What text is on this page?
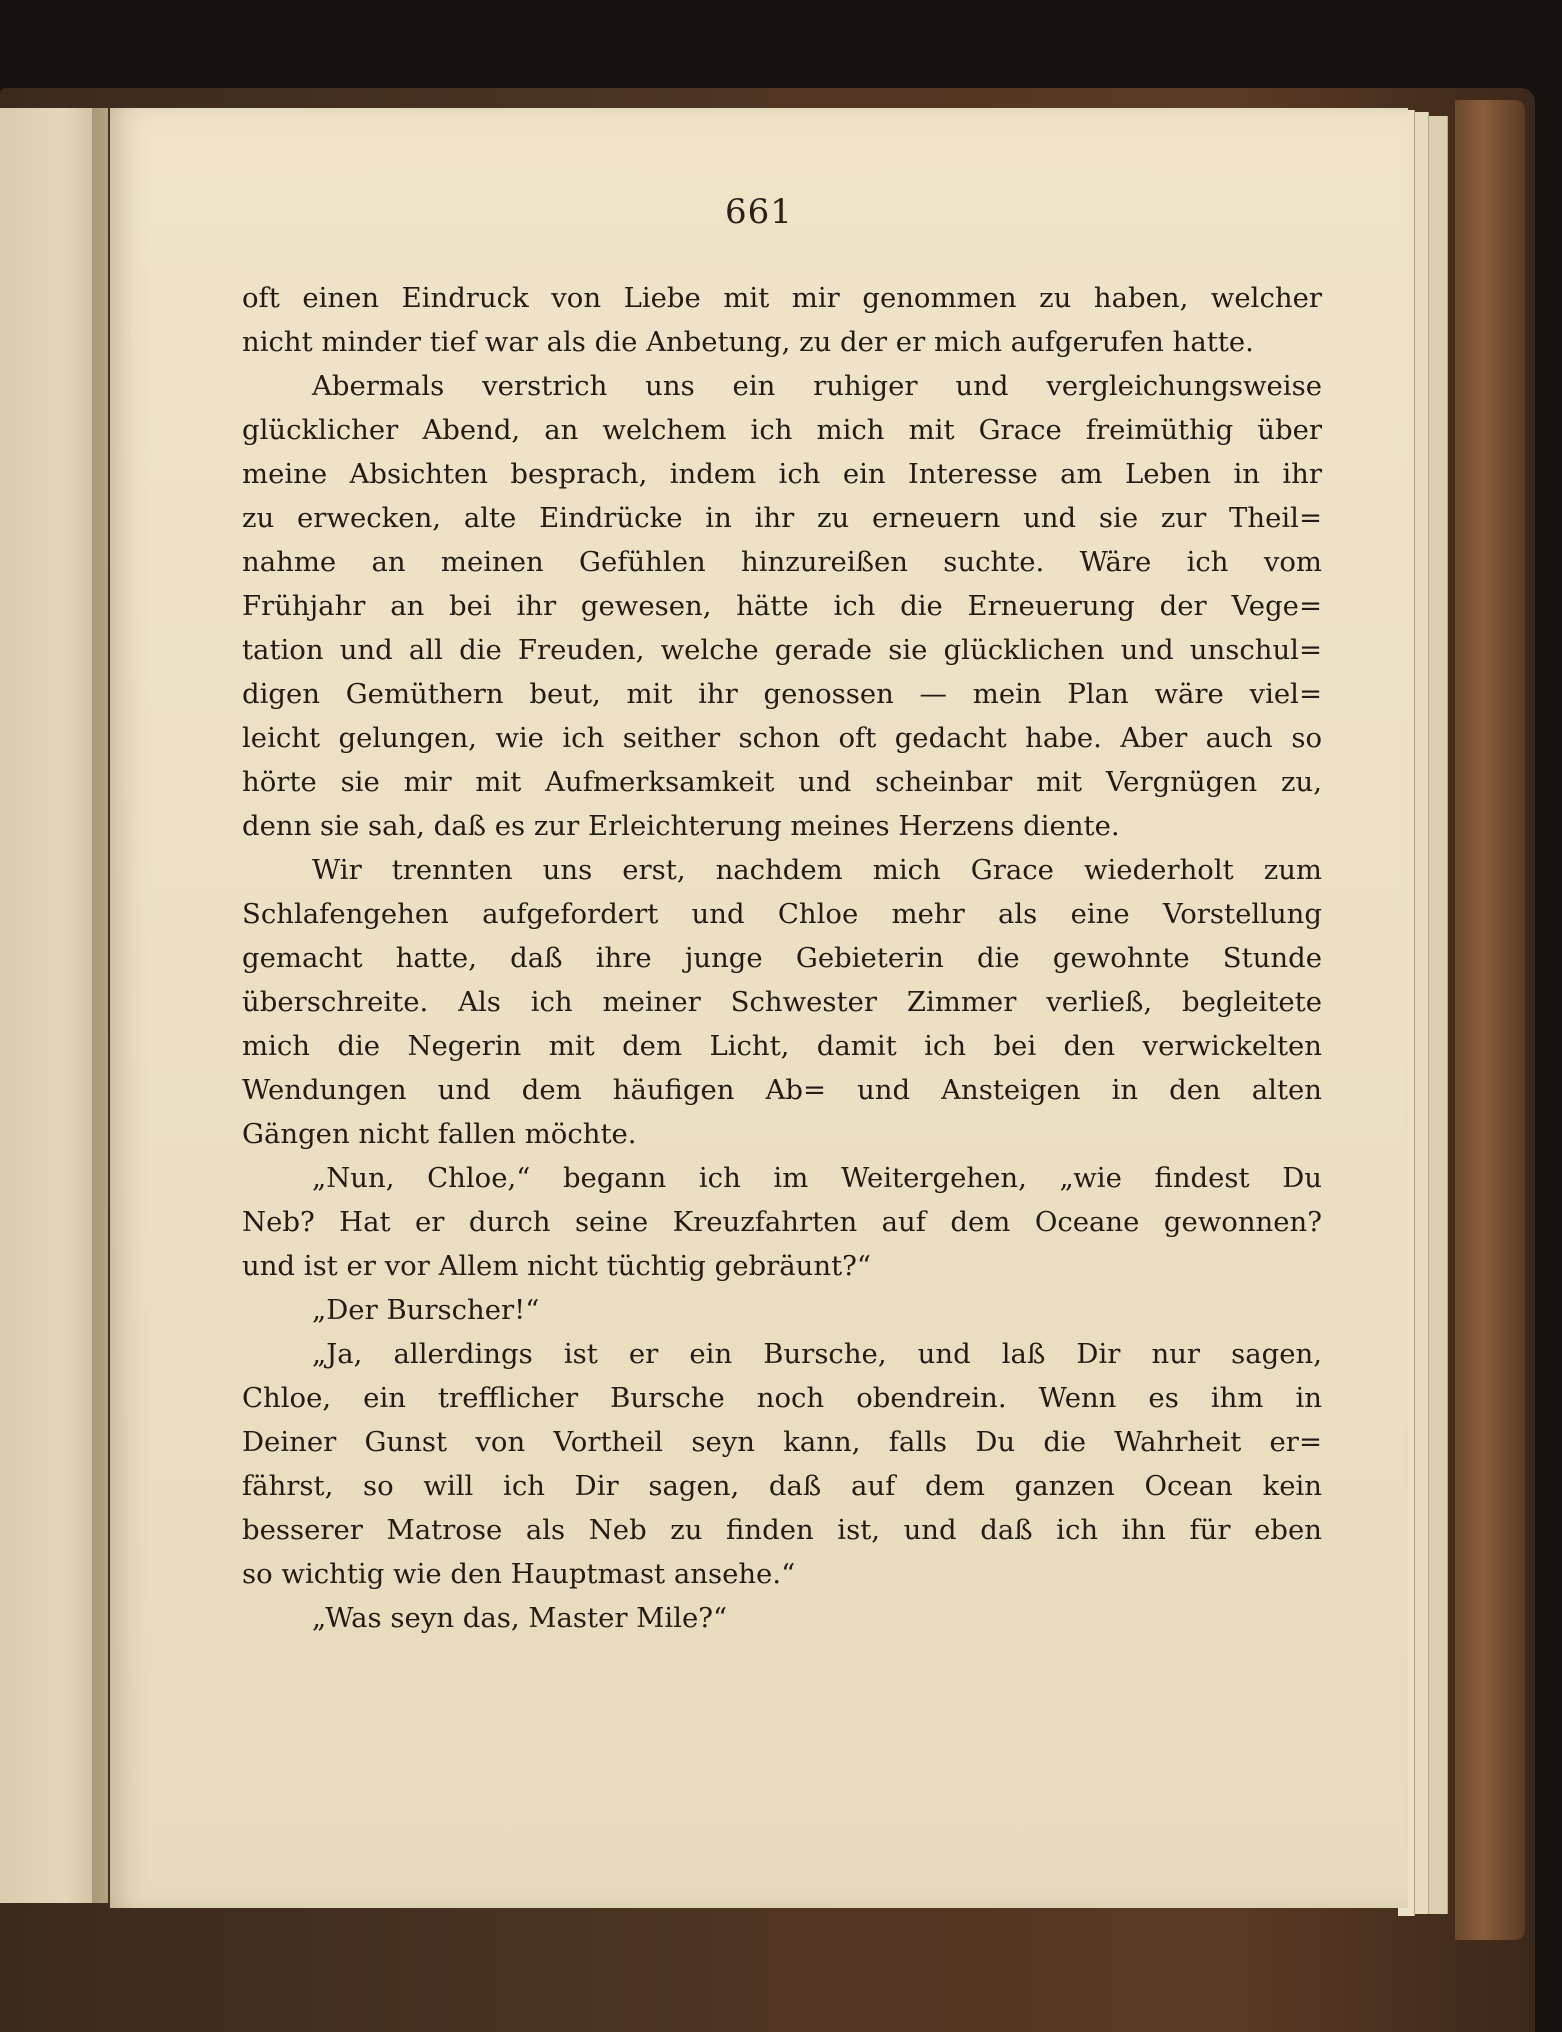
661
oft einen Eindruck von Liebe mit mir genommen zu haben, welcher
nicht minder tief war als die Anbetung, zu der er mich aufgerufen hatte.
Abermals verstrich uns ein ruhiger und vergleichungsweise
glücklicher Abend, an welchem ich mich mit Grace freimüthig über
meine Absichten besprach, indem ich ein Interesse am Leben in ihr
zu erwecken, alte Eindrücke in ihr zu erneuern und sie zur Theil=
nahme an meinen Gefühlen hinzureißen suchte. Wäre ich vom
Frühjahr an bei ihr gewesen, hätte ich die Erneuerung der Vege=
tation und all die Freuden, welche gerade sie glücklichen und unschul=
digen Gemüthern beut, mit ihr genossen — mein Plan wäre viel=
leicht gelungen, wie ich seither schon oft gedacht habe. Aber auch so
hörte sie mir mit Aufmerksamkeit und scheinbar mit Vergnügen zu,
denn sie sah, daß es zur Erleichterung meines Herzens diente.
Wir trennten uns erst, nachdem mich Grace wiederholt zum
Schlafengehen aufgefordert und Chloe mehr als eine Vorstellung
gemacht hatte, daß ihre junge Gebieterin die gewohnte Stunde
überschreite. Als ich meiner Schwester Zimmer verließ, begleitete
mich die Negerin mit dem Licht, damit ich bei den verwickelten
Wendungen und dem häufigen Ab= und Ansteigen in den alten
Gängen nicht fallen möchte.
„Nun, Chloe,“ begann ich im Weitergehen, „wie findest Du
Neb? Hat er durch seine Kreuzfahrten auf dem Oceane gewonnen?
und ist er vor Allem nicht tüchtig gebräunt?“
„Der Burscher!“
„Ja, allerdings ist er ein Bursche, und laß Dir nur sagen,
Chloe, ein trefflicher Bursche noch obendrein. Wenn es ihm in
Deiner Gunst von Vortheil seyn kann, falls Du die Wahrheit er=
fährst, so will ich Dir sagen, daß auf dem ganzen Ocean kein
besserer Matrose als Neb zu finden ist, und daß ich ihn für eben
so wichtig wie den Hauptmast ansehe.“
„Was seyn das, Master Mile?“
